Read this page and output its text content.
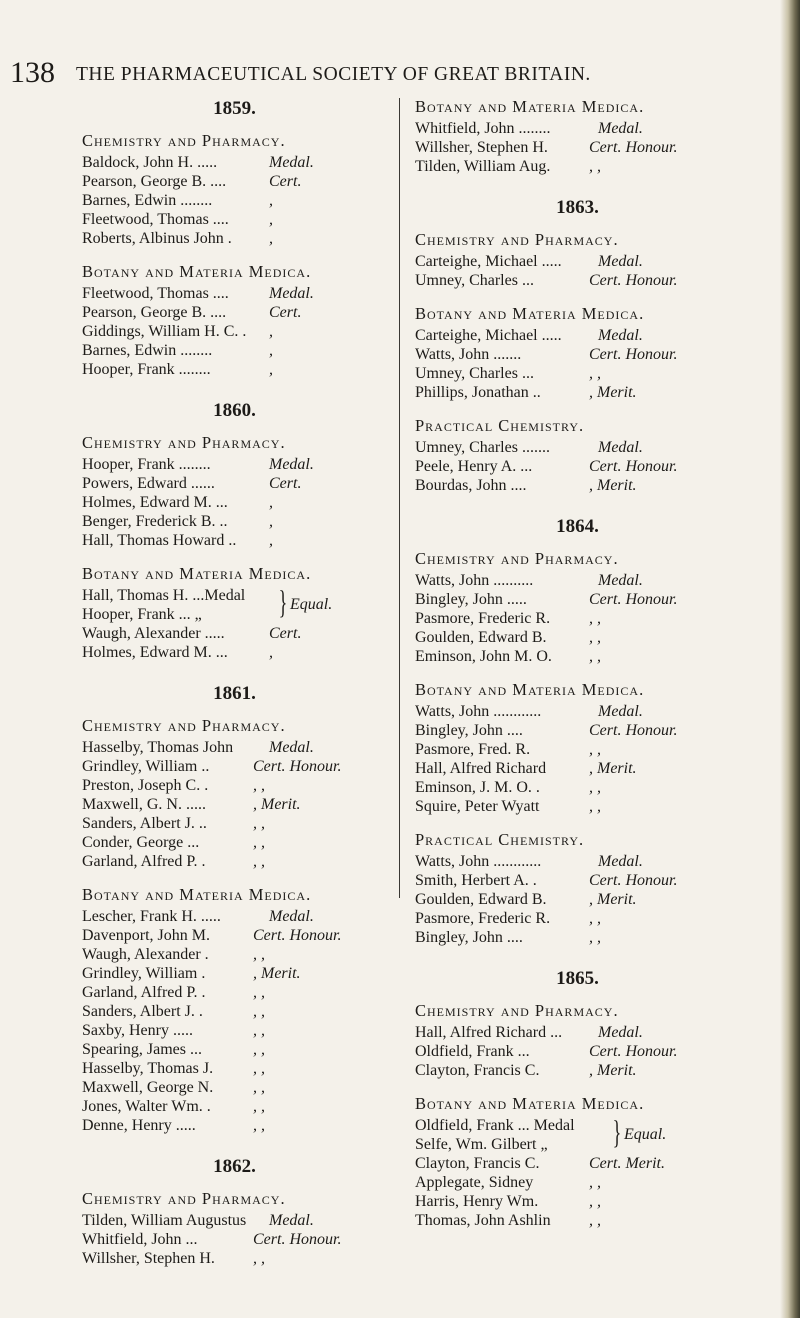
138 THE PHARMACEUTICAL SOCIETY OF GREAT BRITAIN.
1859.
Chemistry and Pharmacy.
Baldock, John H. .....	Medal.
Pearson, George B. ....	Cert.
Barnes, Edwin ........	,
Fleetwood, Thomas ....	,
Roberts, Albinus John . ,
Botany and Materia Medica.
Fleetwood, Thomas ....	Medal.
Pearson, George B. ....	Cert.
Giddings, William H. C. . ,
Barnes, Edwin ........	,
Hooper, Frank ........	,
1860.
Chemistry and Pharmacy.
Hooper, Frank ........	Medal.
Powers, Edward ......	Cert.
Holmes, Edward M. ...	,
Benger, Frederick B. ..	,
Hall, Thomas Howard .. ,
Botany and Materia Medica.
Hall, Thomas H. ...Medal
Hooper, Frank ... „ } Equal.
Waugh, Alexander .....	Cert.
Holmes, Edward M. ...	,
1861.
Chemistry and Pharmacy.
Hasselby, Thomas John Medal.
Grindley, William ..	Cert. Honour.
Preston, Joseph C. .	, ,
Maxwell, G. N. .....	, Merit.
Sanders, Albert J. ..	, ,
Conder, George ...	, ,
Garland, Alfred P. .	, ,
Botany and Materia Medica.
Lescher, Frank H. .....	Medal.
Davenport, John M.	Cert. Honour.
Waugh, Alexander .	, ,
Grindley, William .	, Merit.
Garland, Alfred P. .	, ,
Sanders, Albert J. .	, ,
Saxby, Henry .....	, ,
Spearing, James ...	, ,
Hasselby, Thomas J. , ,
Maxwell, George N. , ,
Jones, Walter Wm. .	, ,
Denne, Henry .....	, ,
1862.
Chemistry and Pharmacy.
Tilden, William Augustus Medal.
Whitfield, John ...	Cert. Honour.
Willsher, Stephen H. , ,
Botany and Materia Medica.
Whitfield, John ........	Medal.
Willsher, Stephen H.	Cert. Honour.
Tilden, William Aug. , ,
1863.
Chemistry and Pharmacy.
Carteighe, Michael ..... Medal.
Umney, Charles ...	Cert. Honour.
Botany and Materia Medica.
Carteighe, Michael ..... Medal.
Watts, John .......	Cert. Honour.
Umney, Charles ...	, ,
Phillips, Jonathan ..	, Merit.
Practical Chemistry.
Umney, Charles .......	Medal.
Peele, Henry A. ...	Cert. Honour.
Bourdas, John ....	, Merit.
1864.
Chemistry and Pharmacy.
Watts, John ..........	Medal.
Bingley, John .....	Cert. Honour.
Pasmore, Frederic R. , ,
Goulden, Edward B.	, ,
Eminson, John M. O. , ,
Botany and Materia Medica.
Watts, John ............	Medal.
Bingley, John ....	Cert. Honour.
Pasmore, Fred. R.	, ,
Hall, Alfred Richard	, Merit.
Eminson, J. M. O. .	, ,
Squire, Peter Wyatt	, ,
Practical Chemistry.
Watts, John ............	Medal.
Smith, Herbert A. .	Cert. Honour.
Goulden, Edward B.	, Merit.
Pasmore, Frederic R. , ,
Bingley, John ....	, ,
1865.
Chemistry and Pharmacy.
Hall, Alfred Richard ... Medal.
Oldfield, Frank ...	Cert. Honour.
Clayton, Francis C.	, Merit.
Botany and Materia Medica.
Oldfield, Frank ... Medal
Selfe, Wm. Gilbert „ } Equal.
Clayton, Francis C.	Cert. Merit.
Applegate, Sidney	, ,
Harris, Henry Wm.	, ,
Thomas, John Ashlin , ,
